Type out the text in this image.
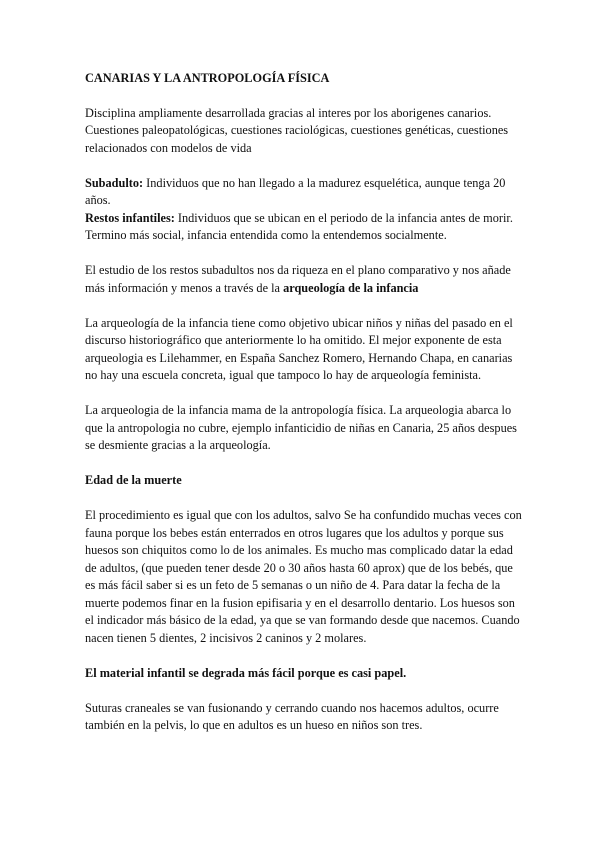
CANARIAS Y LA ANTROPOLOGÍA FÍSICA

Disciplina ampliamente desarrollada gracias al interes por los aborigenes canarios. Cuestiones paleopatológicas, cuestiones raciológicas, cuestiones genéticas, cuestiones relacionados con modelos de vida

Subadulto: Individuos que no han llegado a la madurez esquelética, aunque tenga 20 años.

Restos infantiles: Individuos que se ubican en el periodo de la infancia antes de morir. Termino más social, infancia entendida como la entendemos socialmente.

El estudio de los restos subadultos nos da riqueza en el plano comparativo y nos añade más información y menos a través de la arqueología de la infancia

La arqueología de la infancia tiene como objetivo ubicar niños y niñas del pasado en el discurso historiográfico que anteriormente lo ha omitido. El mejor exponente de esta arqueologia es Lilehammer, en España Sanchez Romero, Hernando Chapa, en canarias no hay una escuela concreta, igual que tampoco lo hay de arqueología feminista.

La arqueologia de la infancia mama de la antropología física. La arqueologia abarca lo que la antropologia no cubre, ejemplo infanticidio de niñas en Canaria, 25 años despues se desmiente gracias a la arqueología.

Edad de la muerte

El procedimiento es igual que con los adultos, salvo Se ha confundido muchas veces con fauna porque los bebes están enterrados en otros lugares que los adultos y porque sus huesos son chiquitos como lo de los animales. Es mucho mas complicado datar la edad de adultos, (que pueden tener desde 20 o 30 años hasta 60 aprox) que de los bebés, que es más fácil saber si es un feto de 5 semanas o un niño de 4. Para datar la fecha de la muerte podemos finar en la fusion epifisaria y en el desarrollo dentario. Los huesos son el indicador más básico de la edad, ya que se van formando desde que nacemos. Cuando nacen tienen 5 dientes, 2 incisivos 2 caninos y 2 molares.

El material infantil se degrada más fácil porque es casi papel.

Suturas craneales se van fusionando y cerrando cuando nos hacemos adultos, ocurre también en la pelvis, lo que en adultos es un hueso en niños son tres.
